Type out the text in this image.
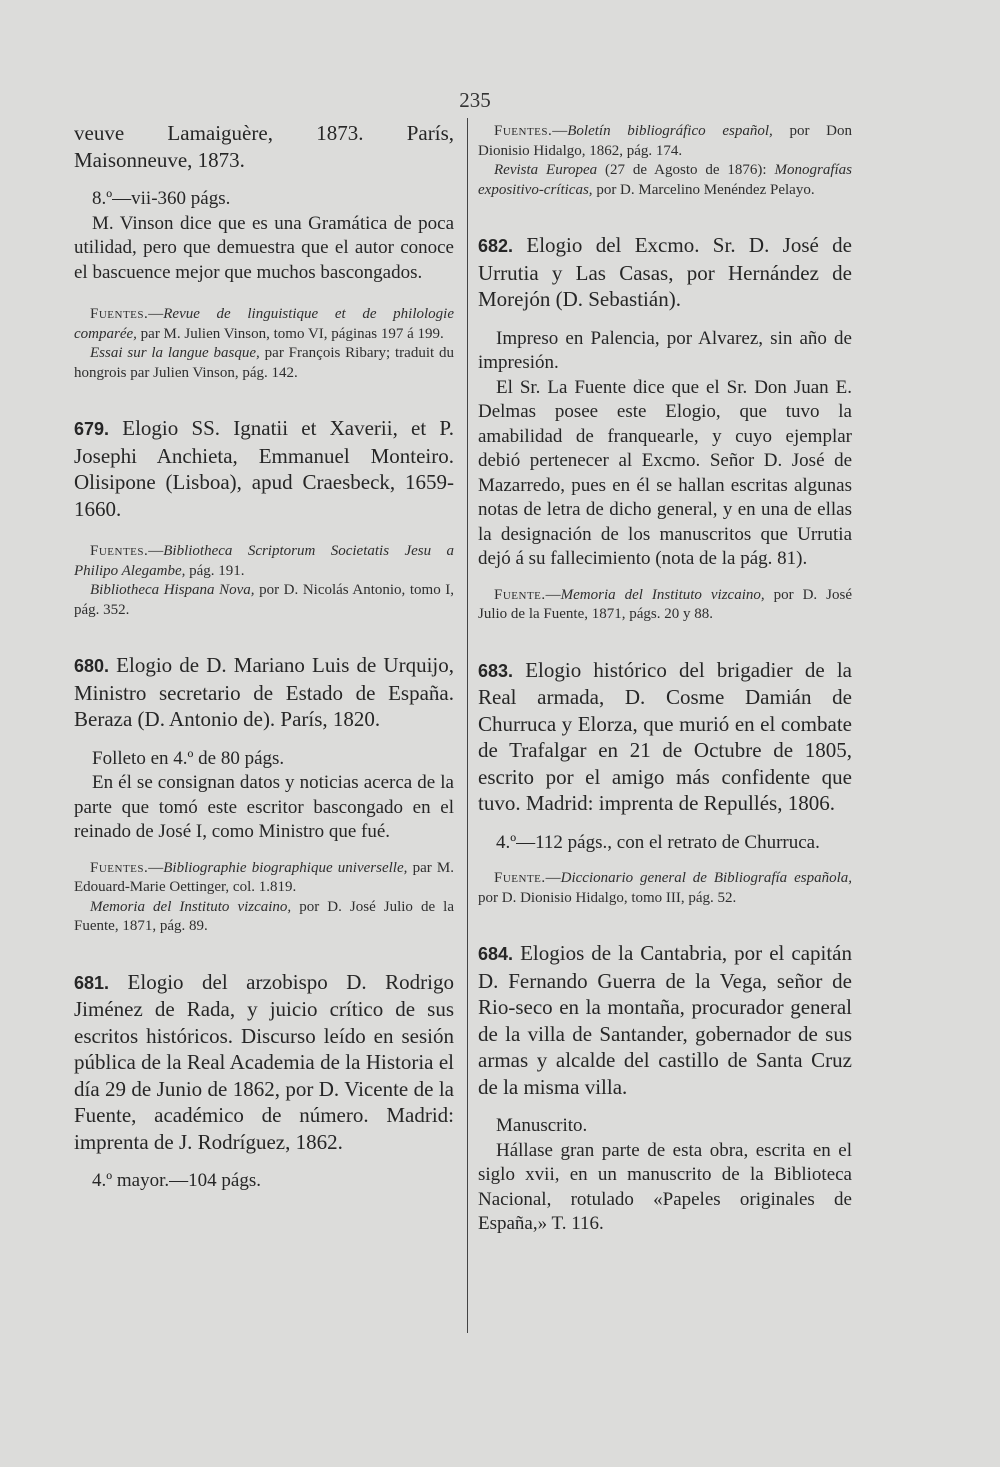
235

veuve Lamaiguère, 1873. París, Maisonneuve, 1873.

8.º—vii-360 págs.

M. Vinson dice que es una Gramática de poca utilidad, pero que demuestra que el autor conoce el bascuence mejor que muchos bascongados.

Fuentes.—Revue de linguistique et de philologie comparée, par M. Julien Vinson, tomo VI, páginas 197 á 199.

Essai sur la langue basque, par François Ribary; traduit du hongrois par Julien Vinson, pág. 142.

679. Elogio SS. Ignatii et Xaverii, et P. Josephi Anchieta, Emmanuel Monteiro. Olisipone (Lisboa), apud Craesbeck, 1659-1660.

Fuentes.—Bibliotheca Scriptorum Societatis Jesu a Philipo Alegambe, pág. 191.

Bibliotheca Hispana Nova, por D. Nicolás Antonio, tomo I, pág. 352.

680. Elogio de D. Mariano Luis de Urquijo, Ministro secretario de Estado de España. Beraza (D. Antonio de). París, 1820.

Folleto en 4.º de 80 págs.

En él se consignan datos y noticias acerca de la parte que tomó este escritor bascongado en el reinado de José I, como Ministro que fué.

Fuentes.—Bibliographie biographique universelle, par M. Edouard-Marie Oettinger, col. 1.819.

Memoria del Instituto vizcaino, por D. José Julio de la Fuente, 1871, pág. 89.

681. Elogio del arzobispo D. Rodrigo Jiménez de Rada, y juicio crítico de sus escritos históricos. Discurso leído en sesión pública de la Real Academia de la Historia el día 29 de Junio de 1862, por D. Vicente de la Fuente, académico de número. Madrid: imprenta de J. Rodríguez, 1862.

4.º mayor.—104 págs.

Fuentes.—Boletín bibliográfico español, por Don Dionisio Hidalgo, 1862, pág. 174.

Revista Europea (27 de Agosto de 1876): Monografías expositivo-críticas, por D. Marcelino Menéndez Pelayo.

682. Elogio del Excmo. Sr. D. José de Urrutia y Las Casas, por Hernández de Morejón (D. Sebastián).

Impreso en Palencia, por Alvarez, sin año de impresión.

El Sr. La Fuente dice que el Sr. Don Juan E. Delmas posee este Elogio, que tuvo la amabilidad de franquearle, y cuyo ejemplar debió pertenecer al Excmo. Señor D. José de Mazarredo, pues en él se hallan escritas algunas notas de letra de dicho general, y en una de ellas la designación de los manuscritos que Urrutia dejó á su fallecimiento (nota de la pág. 81).

Fuente.—Memoria del Instituto vizcaino, por D. José Julio de la Fuente, 1871, págs. 20 y 88.

683. Elogio histórico del brigadier de la Real armada, D. Cosme Damián de Churruca y Elorza, que murió en el combate de Trafalgar en 21 de Octubre de 1805, escrito por el amigo más confidente que tuvo. Madrid: imprenta de Repullés, 1806.

4.º—112 págs., con el retrato de Churruca.

Fuente.—Diccionario general de Bibliografía española, por D. Dionisio Hidalgo, tomo III, pág. 52.

684. Elogios de la Cantabria, por el capitán D. Fernando Guerra de la Vega, señor de Rio-seco en la montaña, procurador general de la villa de Santander, gobernador de sus armas y alcalde del castillo de Santa Cruz de la misma villa.

Manuscrito.

Hállase gran parte de esta obra, escrita en el siglo xvii, en un manuscrito de la Biblioteca Nacional, rotulado «Papeles originales de España,» T. 116.
